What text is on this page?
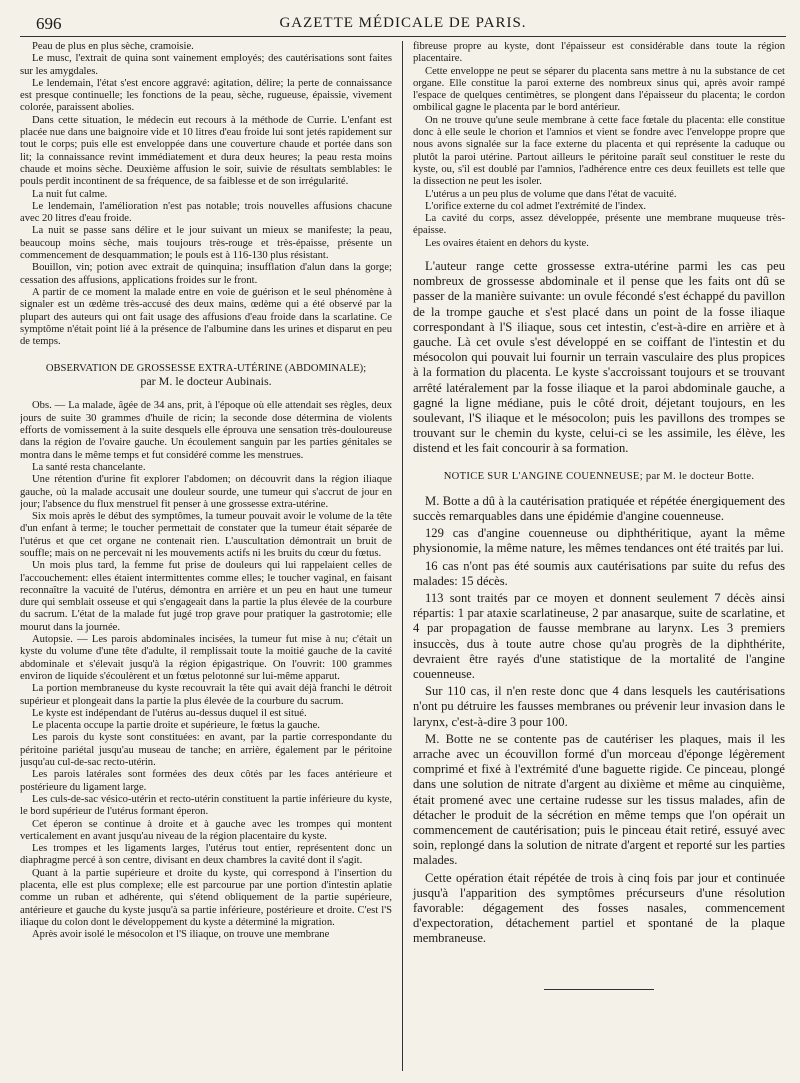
696	GAZETTE MÉDICALE DE PARIS.

Peau de plus en plus sèche, cramoisie.

Le musc, l'extrait de quina sont vainement employés; des cautérisations sont faites sur les amygdales.

Le lendemain, l'état s'est encore aggravé: agitation, délire; la perte de connaissance est presque continuelle; les fonctions de la peau, sèche, rugueuse, épaissie, vivement colorée, paraissent abolies.

Dans cette situation, le médecin eut recours à la méthode de Currie. L'enfant est placée nue dans une baignoire vide et 10 litres d'eau froide lui sont jetés rapidement sur tout le corps; puis elle est enveloppée dans une couverture chaude et portée dans son lit; la connaissance revint immédiatement et dura deux heures; la peau resta moins chaude et moins sèche. Deuxième affusion le soir, suivie de résultats semblables: le pouls perdit incontinent de sa fréquence, de sa faiblesse et de son irrégularité.

La nuit fut calme.

Le lendemain, l'amélioration n'est pas notable; trois nouvelles affusions chacune avec 20 litres d'eau froide.

La nuit se passe sans délire et le jour suivant un mieux se manifeste; la peau, beaucoup moins sèche, mais toujours très-rouge et très-épaisse, présente un commencement de desquammation; le pouls est à 116-130 plus résistant.

Bouillon, vin; potion avec extrait de quinquina; insufflation d'alun dans la gorge; cessation des affusions, applications froides sur le front.

A partir de ce moment la malade entre en voie de guérison et le seul phénomène à signaler est un œdème très-accusé des deux mains, œdème qui a été observé par la plupart des auteurs qui ont fait usage des affusions d'eau froide dans la scarlatine. Ce symptôme n'était point lié à la présence de l'albumine dans les urines et disparut en peu de temps.

OBSERVATION DE GROSSESSE EXTRA-UTÉRINE (ABDOMINALE);
par M. le docteur Aubinais.

Obs. — La malade, âgée de 34 ans, prit, à l'époque où elle attendait ses règles, deux jours de suite 30 grammes d'huile de ricin; la seconde dose détermina de violents efforts de vomissement à la suite desquels elle éprouva une sensation très-douloureuse dans la région de l'ovaire gauche. Un écoulement sanguin par les parties génitales se montra dans le même temps et fut considéré comme les menstrues.

La santé resta chancelante.

Une rétention d'urine fit explorer l'abdomen; on découvrit dans la région iliaque gauche, où la malade accusait une douleur sourde, une tumeur qui s'accrut de jour en jour; l'absence du flux menstruel fit penser à une grossesse extra-utérine.

Six mois après le début des symptômes, la tumeur pouvait avoir le volume de la tête d'un enfant à terme; le toucher permettait de constater que la tumeur était séparée de l'utérus et que cet organe ne contenait rien. L'auscultation démontrait un bruit de souffle; mais on ne percevait ni les mouvements actifs ni les bruits du cœur du fœtus.

Un mois plus tard, la femme fut prise de douleurs qui lui rappelaient celles de l'accouchement: elles étaient intermittentes comme elles; le toucher vaginal, en faisant reconnaître la vacuité de l'utérus, démontra en arrière et un peu en haut une tumeur dure qui semblait osseuse et qui s'engageait dans la partie la plus élevée de la courbure du sacrum. L'état de la malade fut jugé trop grave pour pratiquer la gastrotomie; elle mourut dans la journée.

Autopsie. — Les parois abdominales incisées, la tumeur fut mise à nu; c'était un kyste du volume d'une tête d'adulte, il remplissait toute la moitié gauche de la cavité abdominale et s'élevait jusqu'à la région épigastrique. On l'ouvrit: 100 grammes environ de liquide s'écoulèrent et un fœtus pelotonné sur lui-même apparut.

La portion membraneuse du kyste recouvrait la tête qui avait déjà franchi le détroit supérieur et plongeait dans la partie la plus élevée de la courbure du sacrum.

Le kyste est indépendant de l'utérus au-dessus duquel il est situé.

Le placenta occupe la partie droite et supérieure, le fœtus la gauche.

Les parois du kyste sont constituées: en avant, par la partie correspondante du péritoine pariétal jusqu'au museau de tanche; en arrière, également par le péritoine jusqu'au cul-de-sac recto-utérin.

Les parois latérales sont formées des deux côtés par les faces antérieure et postérieure du ligament large.

Les culs-de-sac vésico-utérin et recto-utérin constituent la partie inférieure du kyste, le bord supérieur de l'utérus formant éperon.

Cet éperon se continue à droite et à gauche avec les trompes qui montent verticalement en avant jusqu'au niveau de la région placentaire du kyste.

Les trompes et les ligaments larges, l'utérus tout entier, représentent donc un diaphragme percé à son centre, divisant en deux chambres la cavité dont il s'agit.

Quant à la partie supérieure et droite du kyste, qui correspond à l'insertion du placenta, elle est plus complexe; elle est parcourue par une portion d'intestin aplatie comme un ruban et adhérente, qui s'étend obliquement de la partie supérieure, antérieure et gauche du kyste jusqu'à sa partie inférieure, postérieure et droite. C'est l'S iliaque du colon dont le développement du kyste a déterminé la migration.

Après avoir isolé le mésocolon et l'S iliaque, on trouve une membrane

fibreuse propre au kyste, dont l'épaisseur est considérable dans toute la région placentaire.

Cette enveloppe ne peut se séparer du placenta sans mettre à nu la substance de cet organe. Elle constitue la paroi externe des nombreux sinus qui, après avoir rampé l'espace de quelques centimètres, se plongent dans l'épaisseur du placenta; le cordon ombilical gagne le placenta par le bord antérieur.

On ne trouve qu'une seule membrane à cette face fœtale du placenta: elle constitue donc à elle seule le chorion et l'amnios et vient se fondre avec l'enveloppe propre que nous avons signalée sur la face externe du placenta et qui représente la caduque ou plutôt la paroi utérine. Partout ailleurs le péritoine paraît seul constituer le reste du kyste, ou, s'il est doublé par l'amnios, l'adhérence entre ces deux feuillets est telle que la dissection ne peut les isoler.

L'utérus a un peu plus de volume que dans l'état de vacuité.

L'orifice externe du col admet l'extrémité de l'index.

La cavité du corps, assez développée, présente une membrane muqueuse très-épaisse.

Les ovaires étaient en dehors du kyste.

L'auteur range cette grossesse extra-utérine parmi les cas peu nombreux de grossesse abdominale et il pense que les faits ont dû se passer de la manière suivante: un ovule fécondé s'est échappé du pavillon de la trompe gauche et s'est placé dans un point de la fosse iliaque correspondant à l'S iliaque, sous cet intestin, c'est-à-dire en arrière et à gauche. Là cet ovule s'est développé en se coiffant de l'intestin et du mésocolon qui pouvait lui fournir un terrain vasculaire des plus propices à la formation du placenta. Le kyste s'accroissant toujours et se trouvant arrêté latéralement par la fosse iliaque et la paroi abdominale gauche, a gagné la ligne médiane, puis le côté droit, déjetant toujours, en les soulevant, l'S iliaque et le mésocolon; puis les pavillons des trompes se trouvant sur le chemin du kyste, celui-ci se les assimile, les élève, les distend et les fait concourir à sa formation.

NOTICE SUR L'ANGINE COUENNEUSE; par M. le docteur Botte.

M. Botte a dû à la cautérisation pratiquée et répétée énergiquement des succès remarquables dans une épidémie d'angine couenneuse.

129 cas d'angine couenneuse ou diphthéritique, ayant la même physionomie, la même nature, les mêmes tendances ont été traités par lui.

16 cas n'ont pas été soumis aux cautérisations par suite du refus des malades: 15 décès.

113 sont traités par ce moyen et donnent seulement 7 décès ainsi répartis: 1 par ataxie scarlatineuse, 2 par anasarque, suite de scarlatine, et 4 par propagation de fausse membrane au larynx. Les 3 premiers insuccès, dus à toute autre chose qu'au progrès de la diphthérite, devraient être rayés d'une statistique de la mortalité de l'angine couenneuse.

Sur 110 cas, il n'en reste donc que 4 dans lesquels les cautérisations n'ont pu détruire les fausses membranes ou prévenir leur invasion dans le larynx, c'est-à-dire 3 pour 100.

M. Botte ne se contente pas de cautériser les plaques, mais il les arrache avec un écouvillon formé d'un morceau d'éponge légèrement comprimé et fixé à l'extrémité d'une baguette rigide. Ce pinceau, plongé dans une solution de nitrate d'argent au dixième et même au cinquième, était promené avec une certaine rudesse sur les tissus malades, afin de détacher le produit de la sécrétion en même temps que l'on opérait un commencement de cautérisation; puis le pinceau était retiré, essuyé avec soin, replongé dans la solution de nitrate d'argent et reporté sur les parties malades.

Cette opération était répétée de trois à cinq fois par jour et continuée jusqu'à l'apparition des symptômes précurseurs d'une résolution favorable: dégagement des fosses nasales, commencement d'expectoration, détachement partiel et spontané de la plaque membraneuse.
